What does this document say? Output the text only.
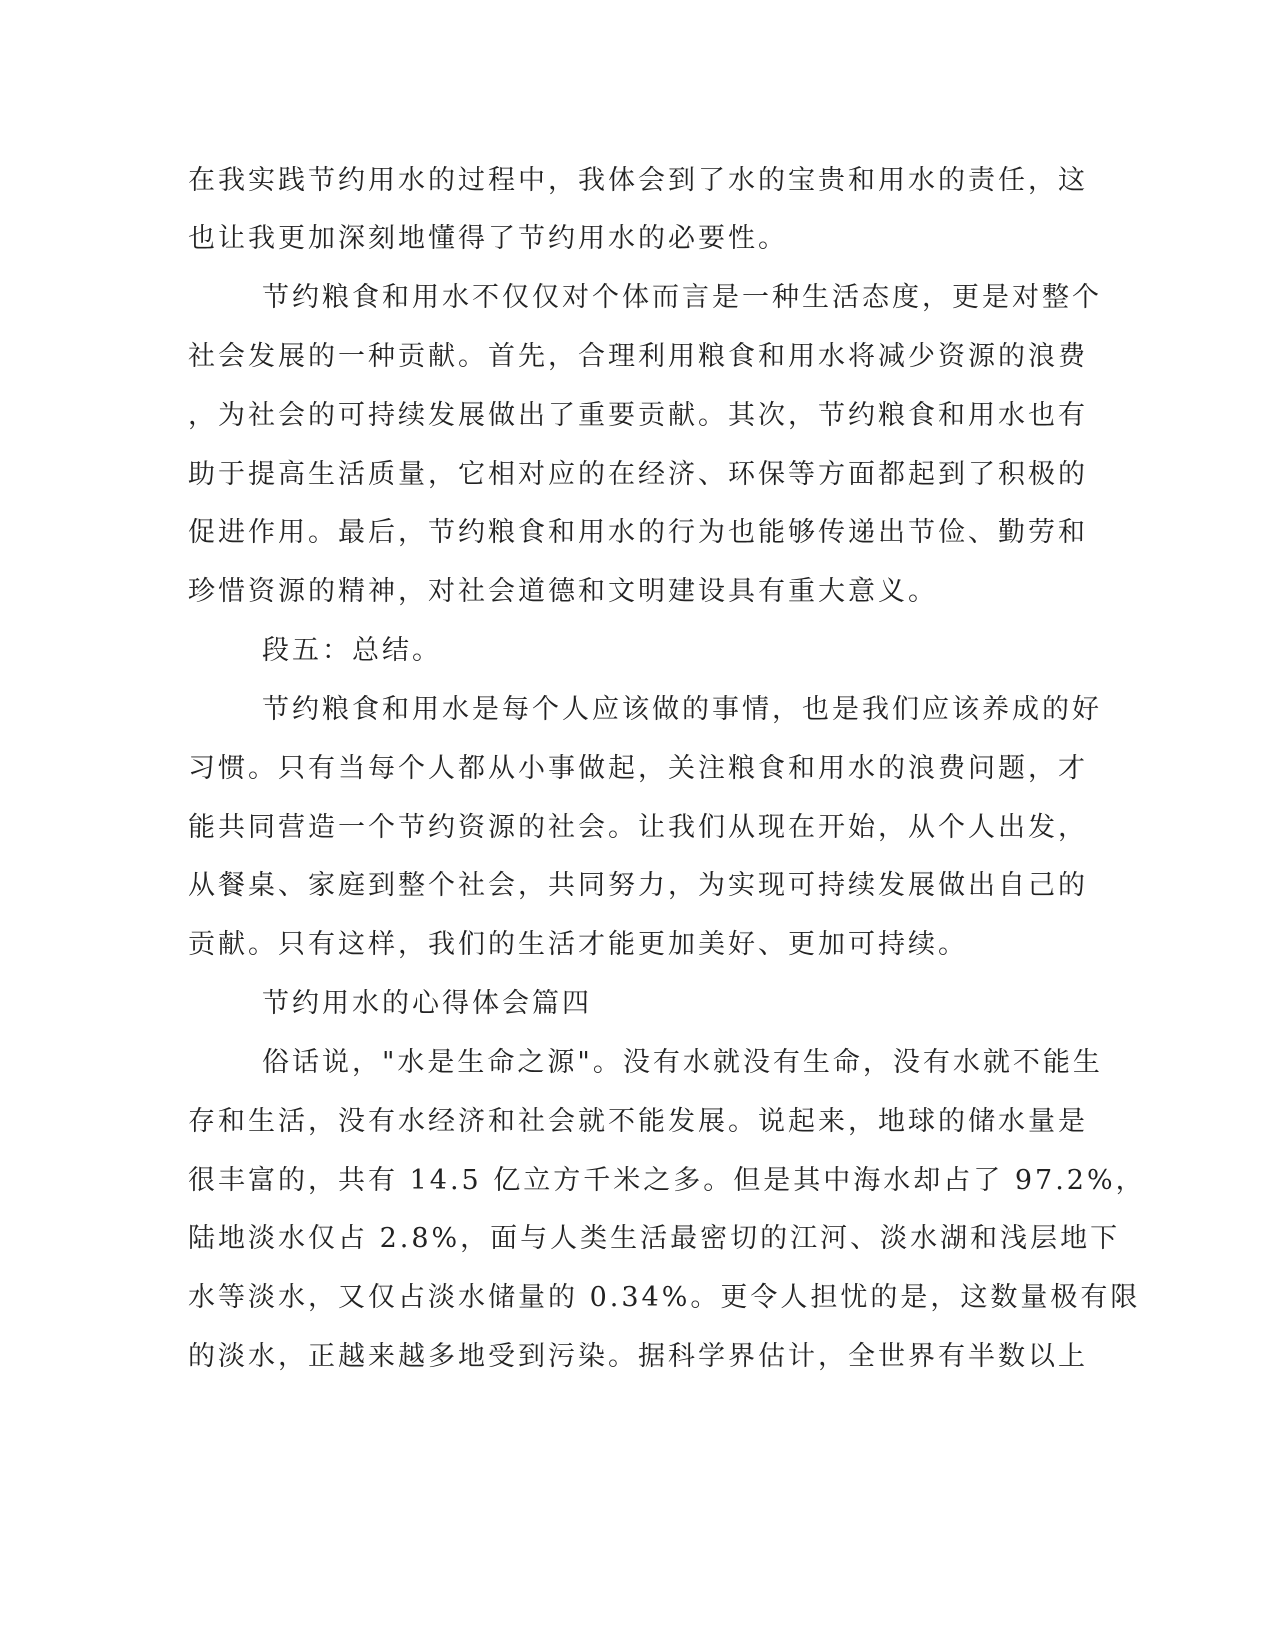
在我实践节约用水的过程中，我体会到了水的宝贵和用水的责任，这
也让我更加深刻地懂得了节约用水的必要性。
节约粮食和用水不仅仅对个体而言是一种生活态度，更是对整个
社会发展的一种贡献。首先，合理利用粮食和用水将减少资源的浪费
，为社会的可持续发展做出了重要贡献。其次，节约粮食和用水也有
助于提高生活质量，它相对应的在经济、环保等方面都起到了积极的
促进作用。最后，节约粮食和用水的行为也能够传递出节俭、勤劳和
珍惜资源的精神，对社会道德和文明建设具有重大意义。
段五：总结。
节约粮食和用水是每个人应该做的事情，也是我们应该养成的好
习惯。只有当每个人都从小事做起，关注粮食和用水的浪费问题，才
能共同营造一个节约资源的社会。让我们从现在开始，从个人出发，
从餐桌、家庭到整个社会，共同努力，为实现可持续发展做出自己的
贡献。只有这样，我们的生活才能更加美好、更加可持续。
节约用水的心得体会篇四
俗话说，"水是生命之源"。没有水就没有生命，没有水就不能生
存和生活，没有水经济和社会就不能发展。说起来，地球的储水量是
很丰富的，共有 14.5 亿立方千米之多。但是其中海水却占了 97.2%，
陆地淡水仅占 2.8%，面与人类生活最密切的江河、淡水湖和浅层地下
水等淡水，又仅占淡水储量的 0.34%。更令人担忧的是，这数量极有限
的淡水，正越来越多地受到污染。据科学界估计，全世界有半数以上
